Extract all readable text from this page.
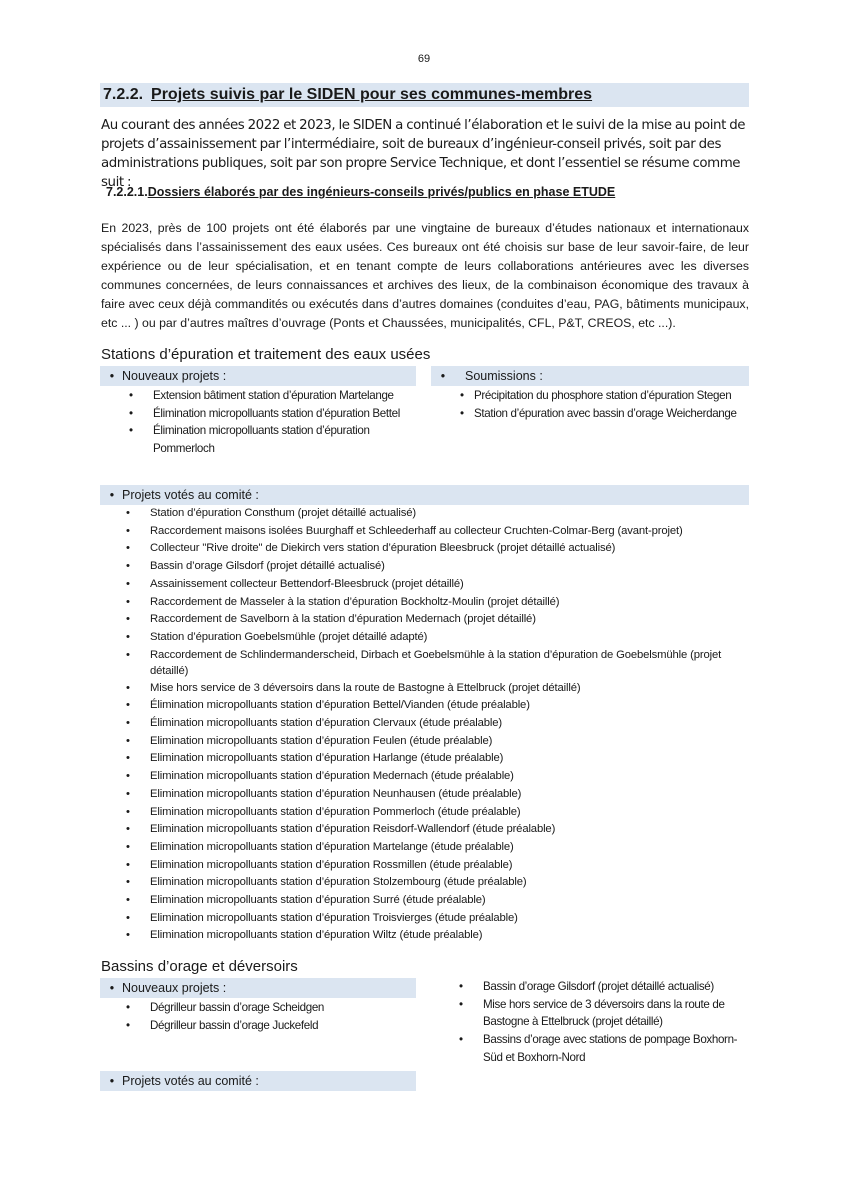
69
7.2.2. Projets suivis par le SIDEN pour ses communes-membres

Au courant des années 2022 et 2023, le SIDEN a continué l’élaboration et le suivi de la mise au point de projets d’assainissement par l’intermédiaire, soit de bureaux d’ingénieur-conseil privés, soit par des administrations publiques, soit par son propre Service Technique, et dont l’essentiel se résume comme suit :

7.2.2.1.Dossiers élaborés par des ingénieurs-conseils privés/publics en phase ETUDE

En 2023, près de 100 projets ont été élaborés par une vingtaine de bureaux d’études nationaux et internationaux spécialisés dans l’assainissement des eaux usées. Ces bureaux ont été choisis sur base de leur savoir-faire, de leur expérience ou de leur spécialisation, et en tenant compte de leurs collaborations antérieures avec les diverses communes concernées, de leurs connaissances et archives des lieux, de la combinaison économique des travaux à faire avec ceux déjà commandités ou exécutés dans d’autres domaines (conduites d’eau, PAG, bâtiments municipaux, etc ... ) ou par d’autres maîtres d’ouvrage (Ponts et Chaussées, municipalités, CFL, P&T, CREOS, etc ...).

Stations d’épuration et traitement des eaux usées
• Nouveaux projets :	•	Soumissions :
• Extension bâtiment station d’épuration Martelange
• Élimination micropolluants station d’épuration Bettel
• Élimination micropolluants station d’épuration Pommerloch
• Précipitation du phosphore station d’épuration Stegen
• Station d’épuration avec bassin d’orage Weicherdange
• Projets votés au comité :
• Station d’épuration Consthum (projet détaillé actualisé)
• Raccordement maisons isolées Buurghaff et Schleederhaff au collecteur Cruchten-Colmar-Berg (avant-projet)
• Collecteur "Rive droite" de Diekirch vers station d’épuration Bleesbruck (projet détaillé actualisé)
• Bassin d’orage Gilsdorf (projet détaillé actualisé)
• Assainissement collecteur Bettendorf-Bleesbruck (projet détaillé)
• Raccordement de Masseler à la station d’épuration Bockholtz-Moulin (projet détaillé)
• Raccordement de Savelborn à la station d’épuration Medernach (projet détaillé)
• Station d’épuration Goebelsmühle (projet détaillé adapté)
• Raccordement de Schlindermanderscheid, Dirbach et Goebelsmühle à la station d’épuration de Goebelsmühle (projet détaillé)
• Mise hors service de 3 déversoirs dans la route de Bastogne à Ettelbruck (projet détaillé)
• Élimination micropolluants station d’épuration Bettel/Vianden (étude préalable)
• Élimination micropolluants station d’épuration Clervaux (étude préalable)
• Elimination micropolluants station d’épuration Feulen (étude préalable)
• Elimination micropolluants station d’épuration Harlange (étude préalable)
• Elimination micropolluants station d’épuration Medernach (étude préalable)
• Elimination micropolluants station d’épuration Neunhausen (étude préalable)
• Elimination micropolluants station d’épuration Pommerloch (étude préalable)
• Elimination micropolluants station d’épuration Reisdorf-Wallendorf (étude préalable)
• Elimination micropolluants station d’épuration Martelange (étude préalable)
• Elimination micropolluants station d’épuration Rossmillen (étude préalable)
• Elimination micropolluants station d’épuration Stolzembourg (étude préalable)
• Elimination micropolluants station d’épuration Surré (étude préalable)
• Elimination micropolluants station d’épuration Troisvierges (étude préalable)
• Elimination micropolluants station d’épuration Wiltz (étude préalable)
Bassins d’orage et déversoirs
• Nouveaux projets :
• Dégrilleur bassin d’orage Scheidgen
• Dégrilleur bassin d’orage Juckefeld
• Bassin d’orage Gilsdorf (projet détaillé actualisé)
• Mise hors service de 3 déversoirs dans la route de Bastogne à Ettelbruck (projet détaillé)
• Bassins d’orage avec stations de pompage Boxhorn-Süd et Boxhorn-Nord
• Projets votés au comité :
